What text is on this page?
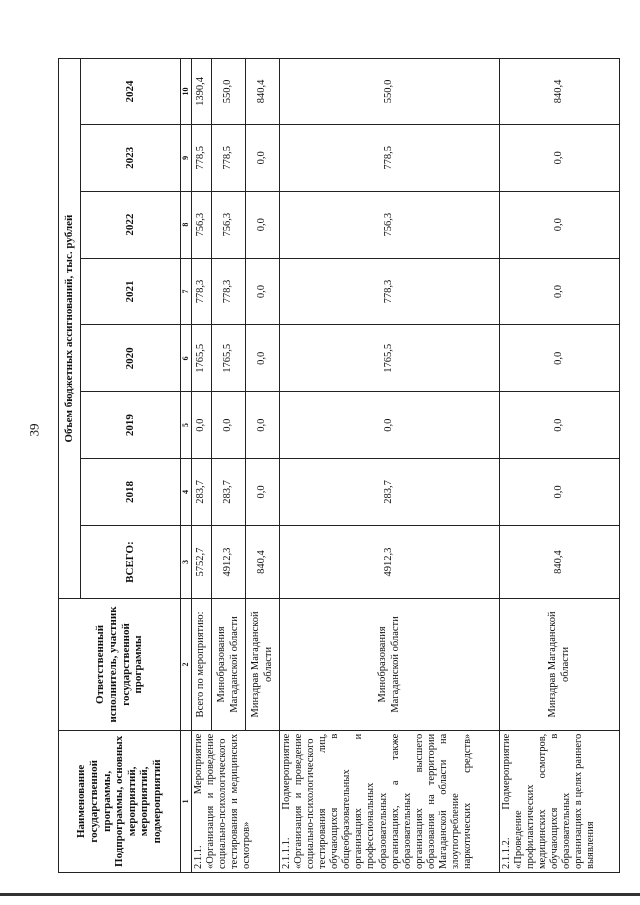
39
Наименование государственной программы, Подпрограммы, основных мероприятий, мероприятий, подмероприятий	Ответственный исполнитель, участник государственной программы	Объем бюджетных ассигнований, тыс. рублей							
		ВСЕГО:	2018	2019	2020	2021	2022	2023	2024
1	2	3	4	5	6	7	8	9	10
2.1.1. Мероприятие «Организация и проведение социально-психологического тестирования и медицинских осмотров»	Всего по мероприятию:	5752,7	283,7	0,0	1765,5	778,3	756,3	778,5	1390,4
	Минобразования Магаданской области	4912,3	283,7	0,0	1765,5	778,3	756,3	778,5	550,0
	Минздрав Магаданской области	840,4	0,0	0,0	0,0	0,0	0,0	0,0	840,4
2.1.1.1. Подмероприятие «Организация и проведение социально-психологического тестирования лиц, обучающихся в общеобразовательных организациях и профессиональных образовательных организациях, а также образовательных организациях высшего образования на территории Магаданской области на злоупотребление наркотических средств»	Минобразования Магаданской области	4912,3	283,7	0,0	1765,5	778,3	756,3	778,5	550,0
2.1.1.2. Подмероприятие «Проведение профилактических медицинских осмотров, обучающихся в образовательных организациях в целях раннего выявления	Минздрав Магаданской области	840,4	0,0	0,0	0,0	0,0	0,0	0,0	840,4
